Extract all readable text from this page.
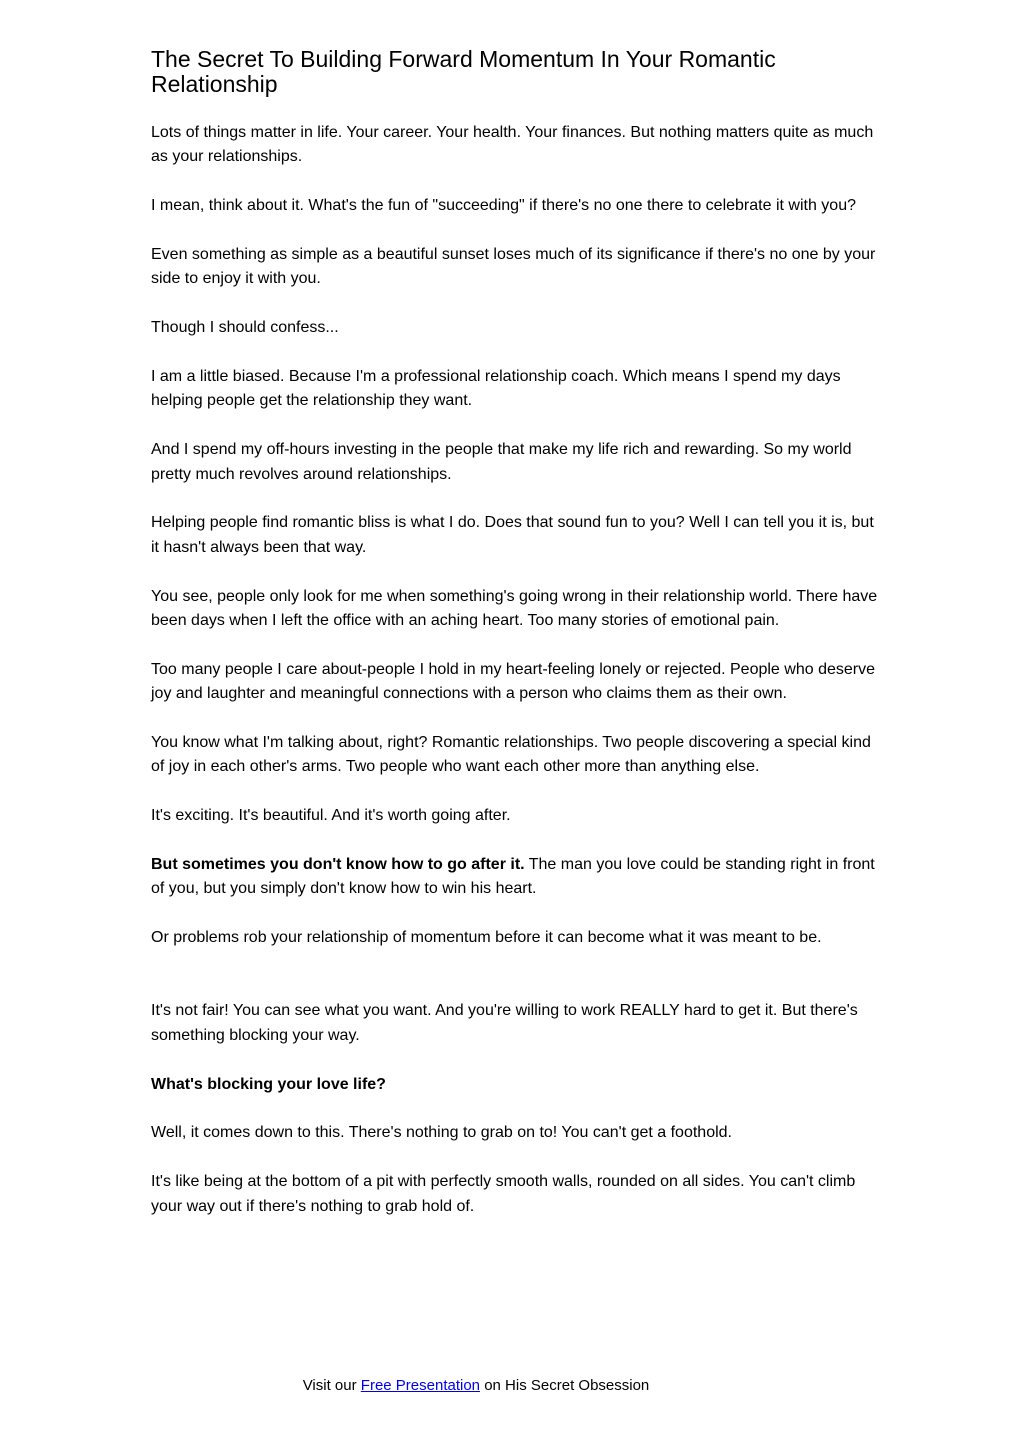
The Secret To Building Forward Momentum In Your Romantic Relationship

Lots of things matter in life. Your career. Your health. Your finances. But nothing matters quite as much as your relationships.

I mean, think about it. What's the fun of "succeeding" if there's no one there to celebrate it with you?

Even something as simple as a beautiful sunset loses much of its significance if there's no one by your side to enjoy it with you.

Though I should confess...

I am a little biased. Because I'm a professional relationship coach. Which means I spend my days helping people get the relationship they want.

And I spend my off-hours investing in the people that make my life rich and rewarding. So my world pretty much revolves around relationships.

Helping people find romantic bliss is what I do. Does that sound fun to you? Well I can tell you it is, but it hasn't always been that way.

You see, people only look for me when something's going wrong in their relationship world. There have been days when I left the office with an aching heart. Too many stories of emotional pain.

Too many people I care about-people I hold in my heart-feeling lonely or rejected. People who deserve joy and laughter and meaningful connections with a person who claims them as their own.

You know what I'm talking about, right? Romantic relationships. Two people discovering a special kind of joy in each other's arms. Two people who want each other more than anything else.

It's exciting. It's beautiful. And it's worth going after.

But sometimes you don't know how to go after it. The man you love could be standing right in front of you, but you simply don't know how to win his heart.

Or problems rob your relationship of momentum before it can become what it was meant to be.

It's not fair! You can see what you want. And you're willing to work REALLY hard to get it. But there's something blocking your way.

What's blocking your love life?

Well, it comes down to this. There's nothing to grab on to! You can't get a foothold.

It's like being at the bottom of a pit with perfectly smooth walls, rounded on all sides. You can't climb your way out if there's nothing to grab hold of.

Visit our Free Presentation on His Secret Obsession
